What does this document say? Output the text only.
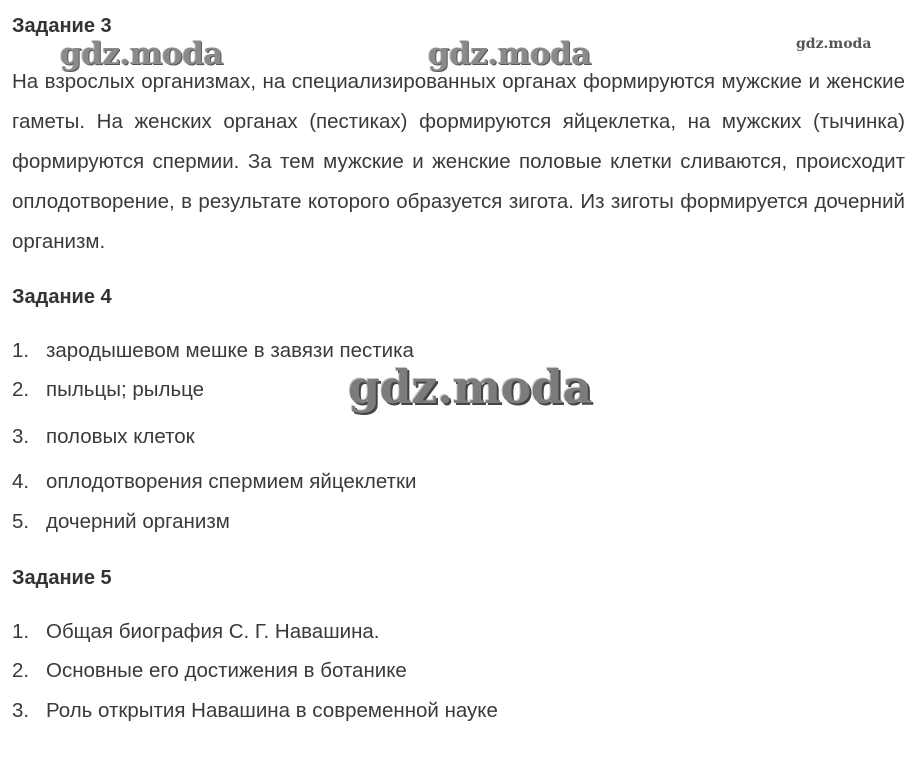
gdz.moda	gdz.moda	gdz.moda
Задание 3

На взрослых организмах, на специализированных органах формируются мужские и женские гаметы. На женских органах (пестиках) формируются яйцеклетка, на мужских (тычинка) формируются спермии. За тем мужские и женские половые клетки сливаются, происходит оплодотворение, в результате которого образуется зигота. Из зиготы формируется дочерний организм.

Задание 4
1. зародышевом мешке в завязи пестика
2. пыльцы; рыльце
3. половых клеток
4. оплодотворения спермием яйцеклетки
5. дочерний организм
gdz.moda
Задание 5
1. Общая биография С. Г. Навашина.
2. Основные его достижения в ботанике
3. Роль открытия Навашина в современной науке
